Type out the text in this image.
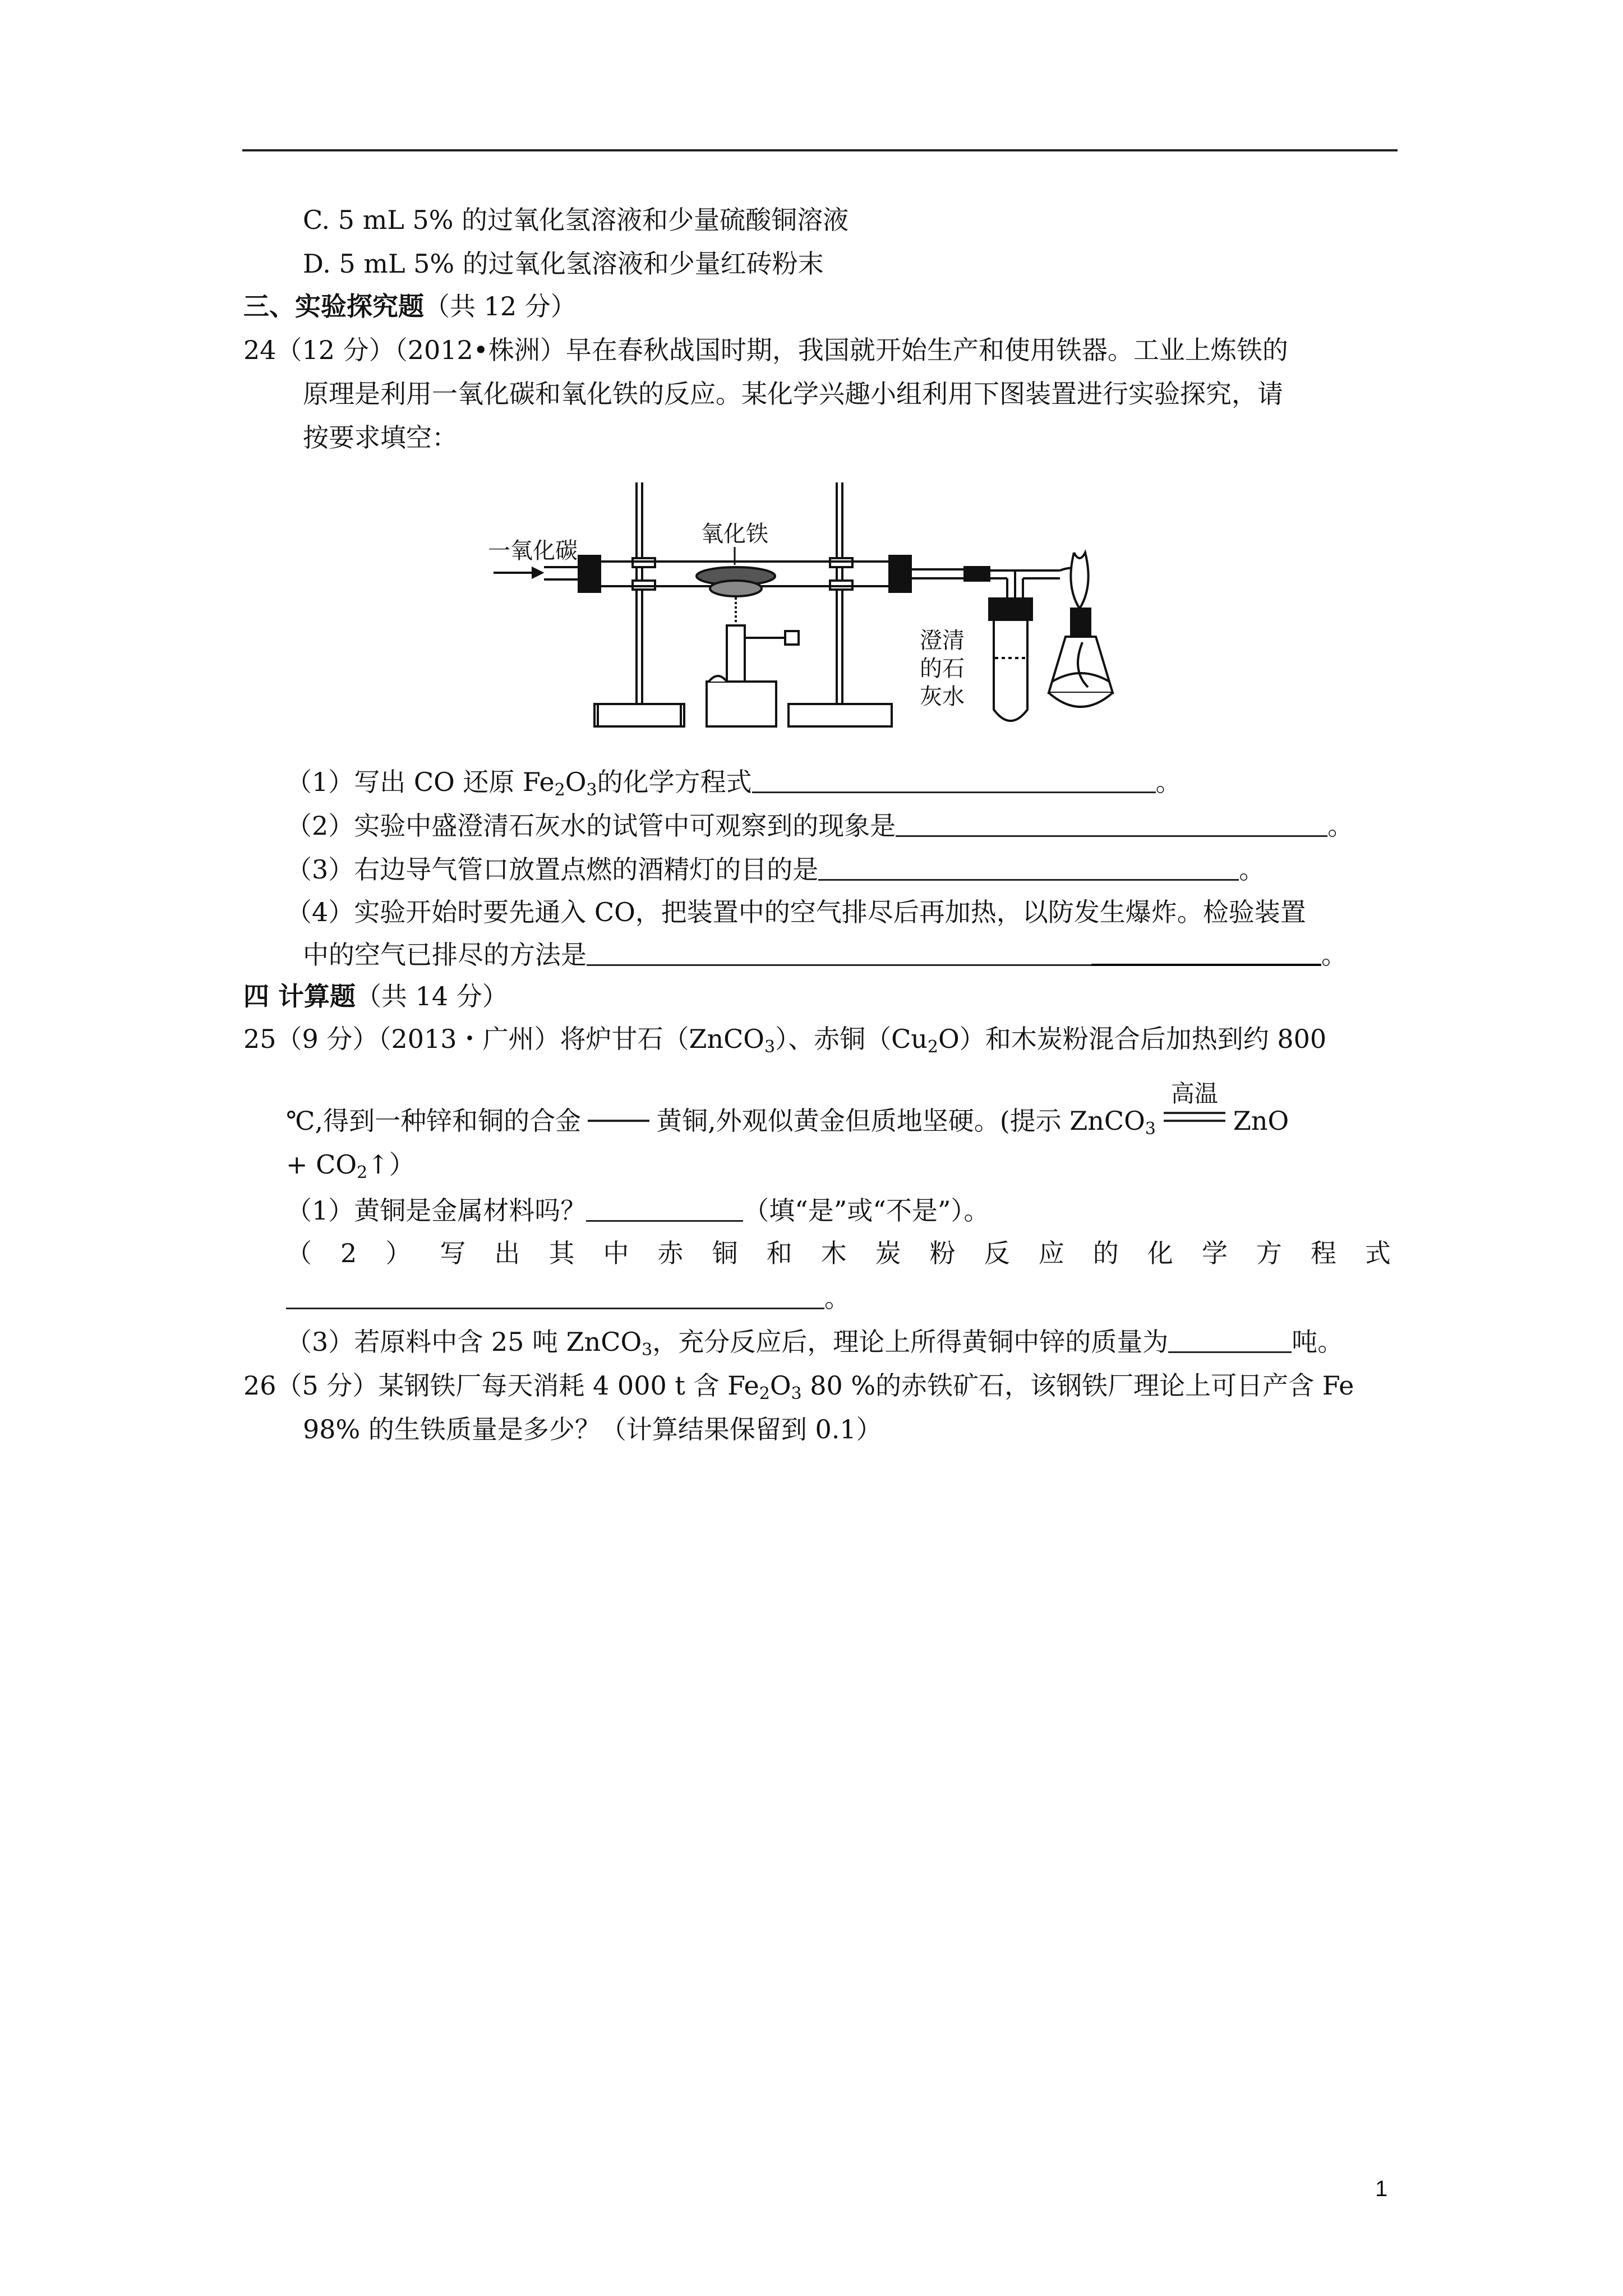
C. 5 mL 5% 的过氧化氢溶液和少量硫酸铜溶液
D. 5 mL 5% 的过氧化氢溶液和少量红砖粉末
三、实验探究题（共 12 分）
24（12 分）（2012•株洲）早在春秋战国时期，我国就开始生产和使用铁器。工业上炼铁的
原理是利用一氧化碳和氧化铁的反应。某化学兴趣小组利用下图装置进行实验探究，请
按要求填空：
一氧化碳
氧化铁
澄清
的石
灰水
（1）写出 CO 还原 $Fe_2O_3$的化学方程式	。
（2）实验中盛澄清石灰水的试管中可观察到的现象是	。
（3）右边导气管口放置点燃的酒精灯的目的是	。
（4）实验开始时要先通入 CO，把装置中的空气排尽后再加热，以防发生爆炸。检验装置
中的空气已排尽的方法是	。
四 计算题（共 14 分）
25（9 分）（2013・广州）将炉甘石（ZnCO$_3$）、赤铜$(Cu_2O)$和木炭粉混合后加热到约 800
℃,得到一种锌和铜的合金	黄铜,外观似黄金但质地坚硬。(提示 ZnCO$_3$
高温
ZnO
+ $CO_2↑$）
（1）黄铜是金属材料吗？	（填“是”或“不是”）。
（ 2 ） 写 出 其 中 赤 铜 和 木 炭 粉 反 应 的 化 学 方 程 式
。
（3）若原料中含 25 吨 ZnCO$_3$，充分反应后，理论上所得黄铜中锌的质量为	吨。
26（5 分）某钢铁厂每天消耗 4 000 t 含 $Fe_2O_3$ 80 %的赤铁矿石，该钢铁厂理论上可日产含 Fe
98% 的生铁质量是多少？（计算结果保留到 0.1）
1
